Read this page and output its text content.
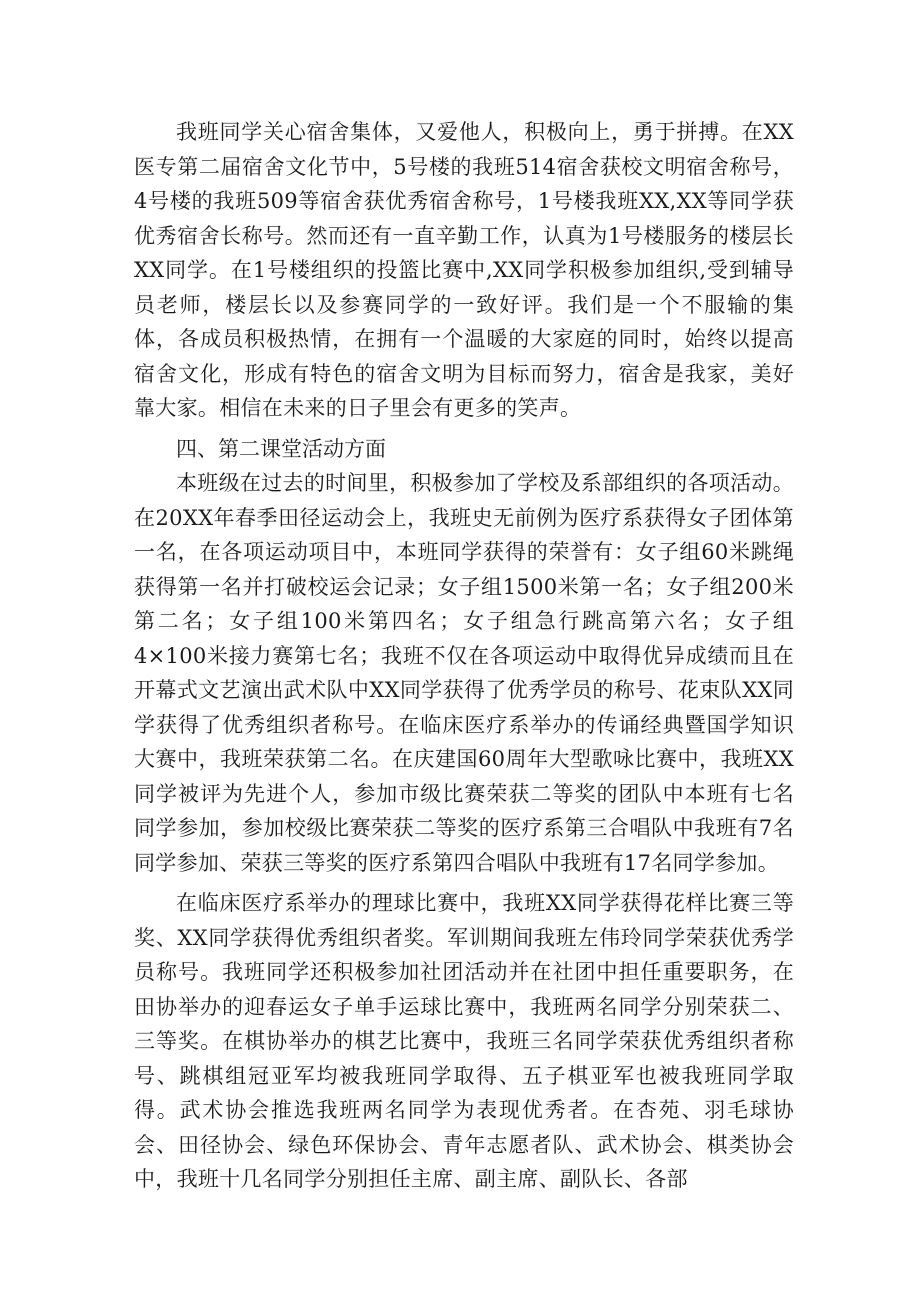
我班同学关心宿舍集体，又爱他人，积极向上，勇于拼搏。在XX医专第二届宿舍文化节中，5号楼的我班514宿舍获校文明宿舍称号，4号楼的我班509等宿舍获优秀宿舍称号，1号楼我班XX,XX等同学获优秀宿舍长称号。然而还有一直辛勤工作，认真为1号楼服务的楼层长XX同学。在1号楼组织的投篮比赛中,XX同学积极参加组织,受到辅导员老师，楼层长以及参赛同学的一致好评。我们是一个不服输的集体，各成员积极热情，在拥有一个温暖的大家庭的同时，始终以提高宿舍文化，形成有特色的宿舍文明为目标而努力，宿舍是我家，美好靠大家。相信在未来的日子里会有更多的笑声。

四、第二课堂活动方面

本班级在过去的时间里，积极参加了学校及系部组织的各项活动。在20XX年春季田径运动会上，我班史无前例为医疗系获得女子团体第一名，在各项运动项目中，本班同学获得的荣誉有：女子组60米跳绳获得第一名并打破校运会记录；女子组1500米第一名；女子组200米第二名；女子组100米第四名；女子组急行跳高第六名；女子组4×100米接力赛第七名；我班不仅在各项运动中取得优异成绩而且在开幕式文艺演出武术队中XX同学获得了优秀学员的称号、花束队XX同学获得了优秀组织者称号。在临床医疗系举办的传诵经典暨国学知识大赛中，我班荣获第二名。在庆建国60周年大型歌咏比赛中，我班XX同学被评为先进个人，参加市级比赛荣获二等奖的团队中本班有七名同学参加，参加校级比赛荣获二等奖的医疗系第三合唱队中我班有7名同学参加、荣获三等奖的医疗系第四合唱队中我班有17名同学参加。

在临床医疗系举办的理球比赛中，我班XX同学获得花样比赛三等奖、XX同学获得优秀组织者奖。军训期间我班左伟玲同学荣获优秀学员称号。我班同学还积极参加社团活动并在社团中担任重要职务，在田协举办的迎春运女子单手运球比赛中，我班两名同学分别荣获二、三等奖。在棋协举办的棋艺比赛中，我班三名同学荣获优秀组织者称号、跳棋组冠亚军均被我班同学取得、五子棋亚军也被我班同学取得。武术协会推选我班两名同学为表现优秀者。在杏苑、羽毛球协会、田径协会、绿色环保协会、青年志愿者队、武术协会、棋类协会中，我班十几名同学分别担任主席、副主席、副队长、各部
